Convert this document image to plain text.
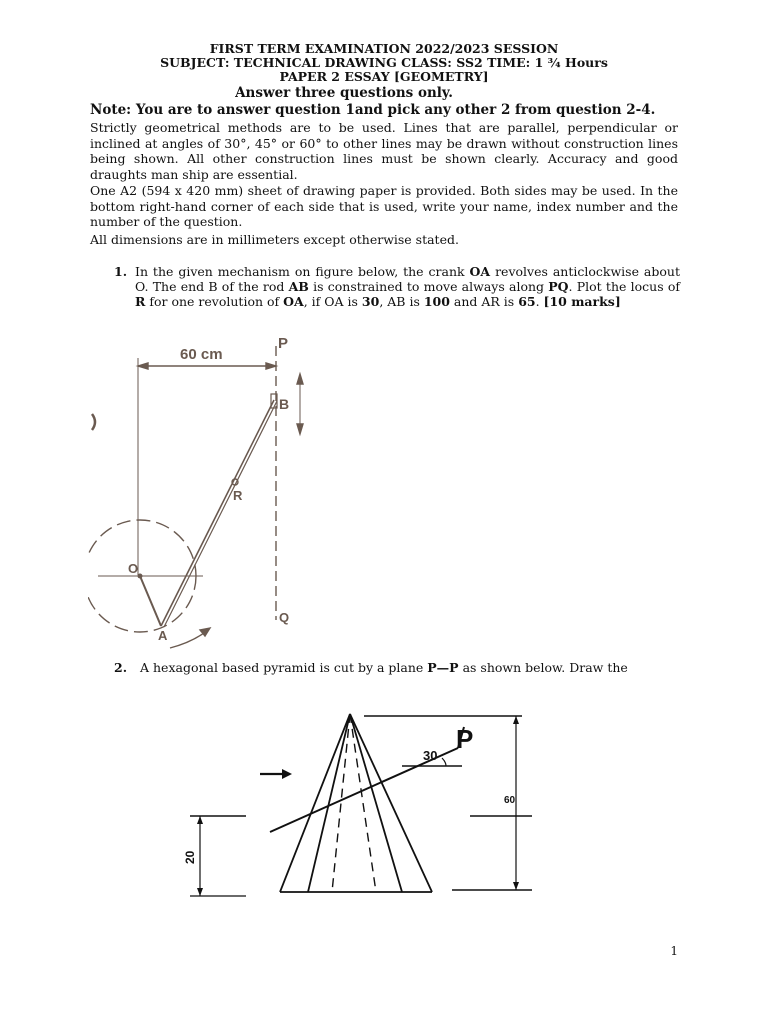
FIRST TERM EXAMINATION 2022/2023 SESSION
SUBJECT: TECHNICAL DRAWING CLASS: SS2 TIME: 1 ¾ Hours
PAPER 2 ESSAY [GEOMETRY]
Answer three questions only.
Note: You are to answer question 1and pick any other 2 from question 2-4.
Strictly geometrical methods are to be used. Lines that are parallel, perpendicular or inclined at angles of 30°, 45° or 60° to other lines may be drawn without construction lines being shown. All other construction lines must be shown clearly. Accuracy and good draughts man ship are essential.
One A2 (594 x 420 mm) sheet of drawing paper is provided. Both sides may be used. In the bottom right-hand corner of each side that is used, write your name, index number and the number of the question.
All dimensions are in millimeters except otherwise stated.
1. In the given mechanism on figure below, the crank OA revolves anticlockwise about O. The end B of the rod AB is constrained to move always along PQ. Plot the locus of R for one revolution of OA, if OA is 30, AB is 100 and AR is 65. [10 marks]
60 cm
P
B
R
O
A
Q
2. A hexagonal based pyramid is cut by a plane P—P as shown below. Draw the
30
P
60
20
1
